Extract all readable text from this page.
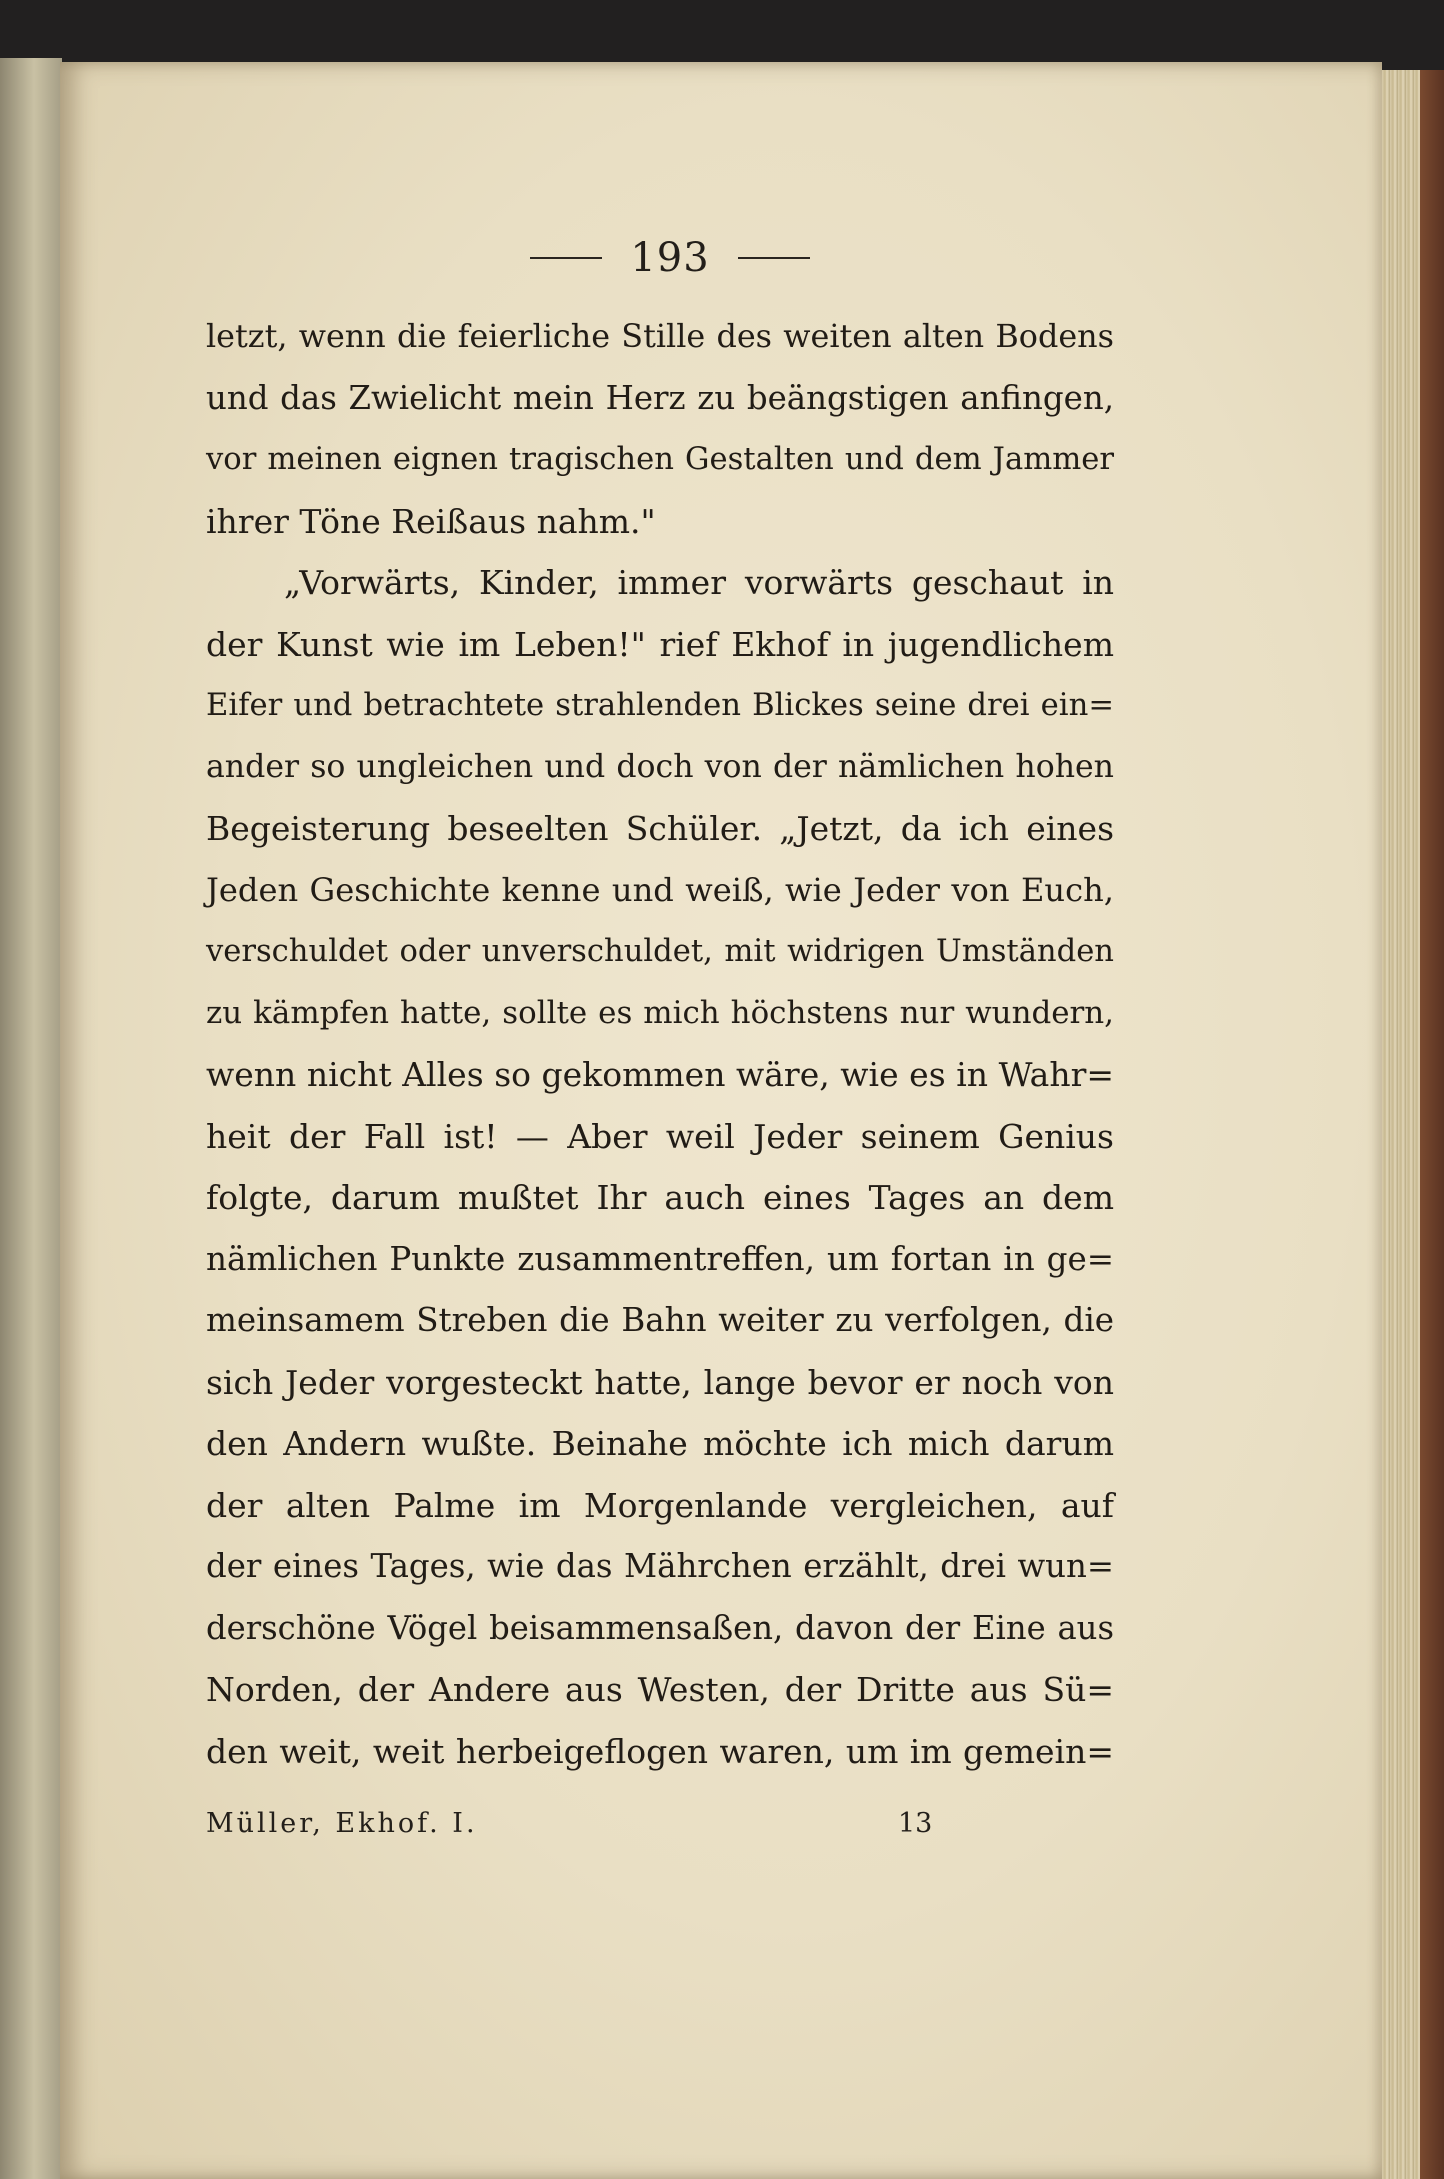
193
letzt, wenn die feierliche Stille des weiten alten Bodens
und das Zwielicht mein Herz zu beängstigen anfingen,
vor meinen eignen tragischen Gestalten und dem Jammer
ihrer Töne Reißaus nahm."
„Vorwärts, Kinder, immer vorwärts geschaut in
der Kunst wie im Leben!" rief Ekhof in jugendlichem
Eifer und betrachtete strahlenden Blickes seine drei ein=
ander so ungleichen und doch von der nämlichen hohen
Begeisterung beseelten Schüler. „Jetzt, da ich eines
Jeden Geschichte kenne und weiß, wie Jeder von Euch,
verschuldet oder unverschuldet, mit widrigen Umständen
zu kämpfen hatte, sollte es mich höchstens nur wundern,
wenn nicht Alles so gekommen wäre, wie es in Wahr=
heit der Fall ist! — Aber weil Jeder seinem Genius
folgte, darum mußtet Ihr auch eines Tages an dem
nämlichen Punkte zusammentreffen, um fortan in ge=
meinsamem Streben die Bahn weiter zu verfolgen, die
sich Jeder vorgesteckt hatte, lange bevor er noch von
den Andern wußte. Beinahe möchte ich mich darum
der alten Palme im Morgenlande vergleichen, auf
der eines Tages, wie das Mährchen erzählt, drei wun=
derschöne Vögel beisammensaßen, davon der Eine aus
Norden, der Andere aus Westen, der Dritte aus Sü=
den weit, weit herbeigeflogen waren, um im gemein=
Müller, Ekhof. I.	13
